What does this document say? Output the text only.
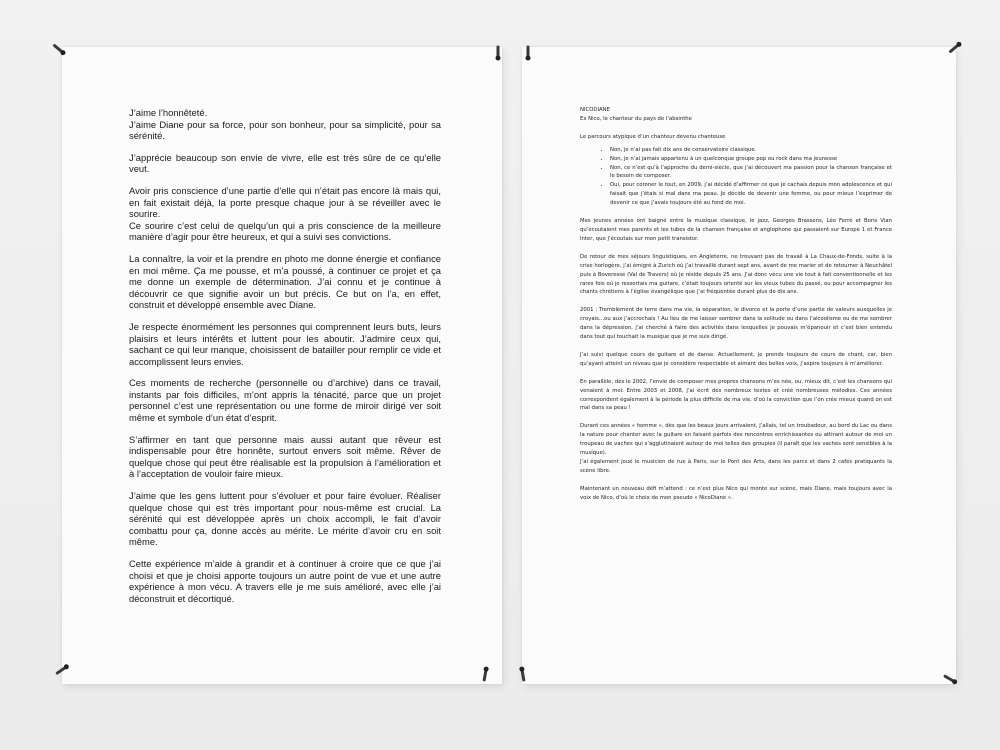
J’aime l’honnêteté.
J’aime Diane pour sa force, pour son bonheur, pour sa simplicité, pour sa sérénité.

J’apprécie beaucoup son envie de vivre, elle est très sûre de ce qu’elle veut.

Avoir pris conscience d’une partie d’elle qui n’était pas encore là mais qui, en fait existait déjà, la porte presque chaque jour à se réveiller avec le sourire.
Ce sourire c’est celui de quelqu’un qui a pris conscience de la meilleure manière d’agir pour être heureux, et qui a suivi ses convictions.

La connaître, la voir et la prendre en photo me donne énergie et confiance en moi même. Ça me pousse, et m’a poussé, à continuer ce projet et ça me donne un exemple de détermination. J’ai connu et je continue à découvrir ce que signifie avoir un but précis. Ce but on l’a, en effet, construit et développé ensemble avec Diane.

Je respecte énormément les personnes qui comprennent leurs buts, leurs plaisirs et leurs intérêts et luttent pour les aboutir. J’admire ceux qui, sachant ce qui leur manque, choisissent de batailler pour remplir ce vide et accomplissent leurs envies.

Ces moments de recherche (personnelle ou d’archive) dans ce travail, instants par fois difficiles, m’ont appris la ténacité, parce que un projet personnel c’est une représentation ou une forme de miroir dirigé ver soit même et symbole d’un état d’esprit.

S’affirmer en tant que personne mais aussi autant que rêveur est indispensable pour être honnête, surtout envers soit même. Rêver de quelque chose qui peut être réalisable est la propulsion à l’amélioration et à l’acceptation de vouloir faire mieux.

J’aime que les gens luttent pour s’évoluer et pour faire évoluer. Réaliser quelque chose qui est très important pour nous-même est crucial. La sérénité qui est développée après un choix accompli, le fait d’avoir combattu pour ça, donne accès au mérite. Le mérite d’avoir cru en soit même.

Cette expérience m’aide à grandir et à continuer à croire que ce que j’ai choisi et que je choisi apporte toujours un autre point de vue et une autre expérience à mon vécu. A travers elle je me suis amélioré, avec elle j’ai déconstruit et décortiqué.

NICODIANE
Ex Nico, le chanteur du pays de l’absinthe

Le parcours atypique d’un chanteur devenu chanteuse

• Non, je n’ai pas fait dix ans de conservatoire classique.
• Non, je n’ai jamais appartenu à un quelconque groupe pop ou rock dans ma jeunesse
• Non, ce n’est qu’à l’approche du demi-siècle, que j’ai découvert ma passion pour la chanson française et le besoin de composer.
• Oui, pour coroner le tout, en 2009, j’ai décidé d’affirmer ce que je cachais depuis mon adolescence et qui faisait que j’étais si mal dans ma peau. Je décide de devenir une femme, ou pour mieux l’exprimer de devenir ce que j’avais toujours été au fond de moi.

Mes jeunes années ont baigné entre la musique classique, le jazz, Georges Brassens, Léo Ferré et Boris Vian qu’écoutaient mes parents et les tubes de la chanson française et anglophone qui passaient sur Europe 1 et France Inter, que j’écoutais sur mon petit transistor.

De retour de mes séjours linguistiques, en Angleterre, ne trouvant pas de travail à La Chaux-de-Fonds, suite à la crise horlogère, j’ai émigré à Zurich où j’ai travaillé durant sept ans, avant de me marier et de retourner à Neuchâtel puis à Boveresse (Val de Travers) où je réside depuis 25 ans. J’ai donc vécu une vie tout à fait conventionnelle et les rares fois où je ressortais ma guitare, c’était toujours orienté sur les vieux tubes du passé, ou pour accompagner les chants chrétiens à l’église évangélique que j’ai fréquentée durant plus de dix ans.

2001 : Tremblement de terre dans ma vie, la séparation, le divorce et la porte d’une partie de valeurs auxquelles je croyais…ou aux j’accrochais ! Au lieu de me laisser sombrer dans la solitude ou dans l’alcoolisme ou de me sombrer dans la dépression, j’ai cherché à faire des activités dans lesquelles je pouvais m’épanouir et c’est bien entendu dans tout qui touchait la musique que je me suis dirigé.

J’ai suivi quelque cours de guitare et de danse. Actuellement, je prends toujours de cours de chant, car, bien qu’ayant atteint un niveau que je considère respectable et aimant des belles voix, j’aspire toujours à m’améliorer.

En parallèle, dès le 2002, l’envie de composer mes propres chansons m’es née, ou, mieux dit, c’est les chansons qui venaient à moi. Entre 2003 et 2008, j’ai écrit des nombreux textes et créé nombreuses mélodies. Ces années correspondent également à la période la plus difficile de ma vie, d’où la conviction que l’on crée mieux quand on est mal dans sa peau !

Durant ces années « homme », dès que les beaux jours arrivaient, j’allais, tel un troubadour, au bord du Lac ou dans la nature pour chanter avec la guitare en faisant parfois des rencontres enrichissantes ou attirant autour de moi un troupeau de vaches qui s’agglutinaient autour de moi telles des groupies (il paraît que les vaches sont sensibles à la musique).
J’ai également joué le musicien de rue à Paris, sur le Pont des Arts, dans les parcs et dans 2 cafés pratiquants la scène libre.

Maintenant un nouveau défi m’attend : ce n’est plus Nico qui monte sur scène, mais Diane, mais toujours avec la voix de Nico, d’où le choix de mon pseudo « NicoDiane ».
